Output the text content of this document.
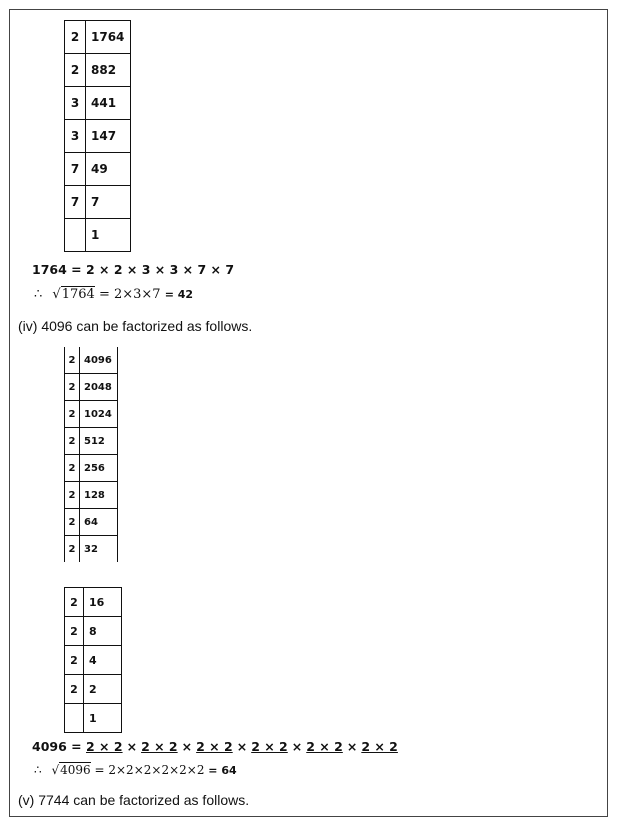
2	1764
2	882
3	441
3	147
7	49
7	7
	1
1764 = 2 × 2 × 3 × 3 × 7 × 7
∴ √1764 = 2×3×7 = 42
(iv) 4096 can be factorized as follows.
2	4096
2	2048
2	1024
2	512
2	256
2	128
2	64
2	32
2	16
2	8
2	4
2	2
	1
4096 = 2 × 2 × 2 × 2 × 2 × 2 × 2 × 2 × 2 × 2 × 2 × 2
∴ √4096 = 2×2×2×2×2×2 = 64
(v) 7744 can be factorized as follows.
